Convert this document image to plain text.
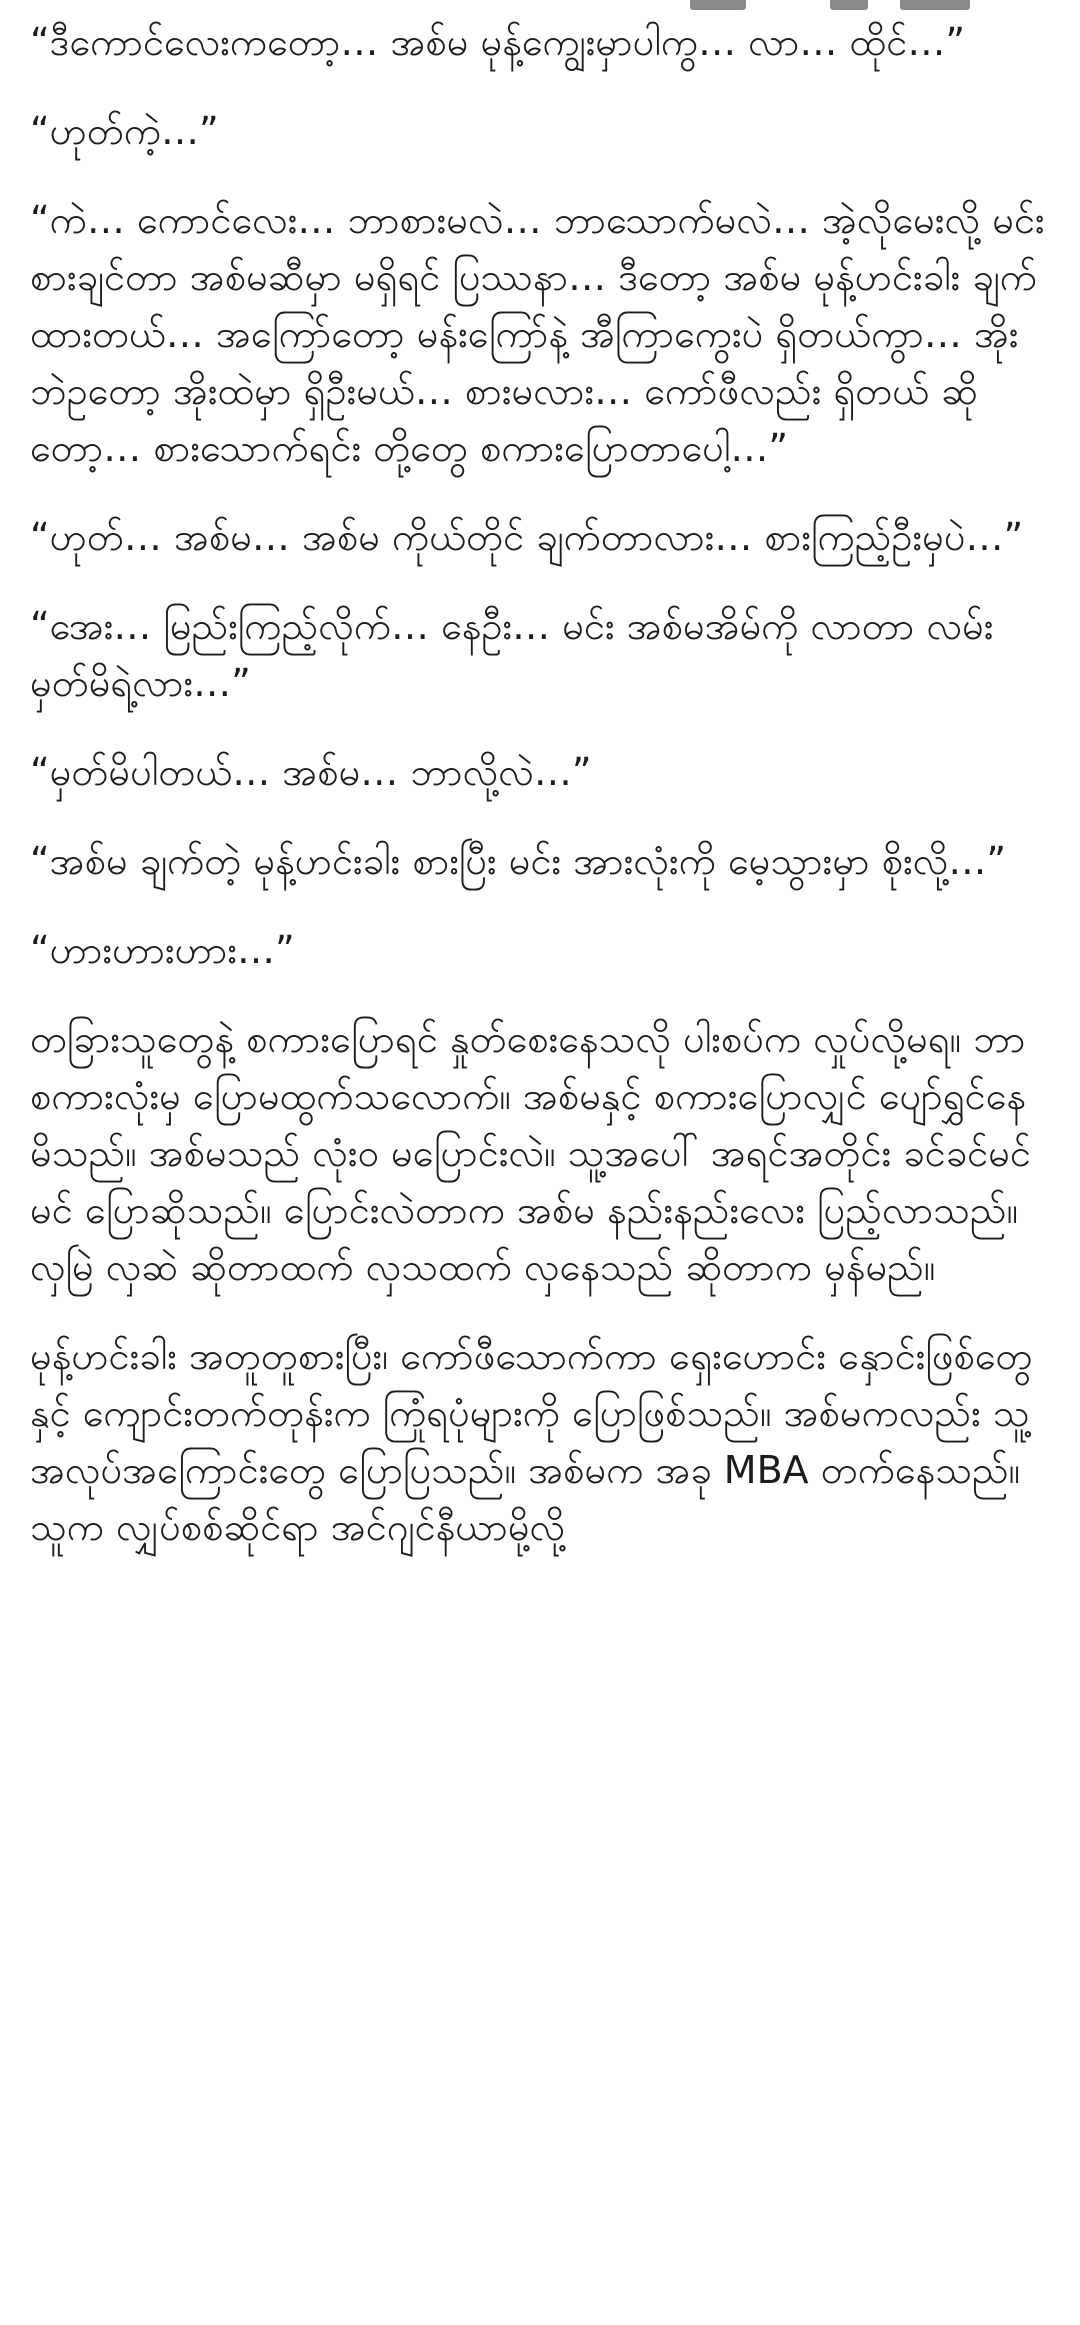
“ဒီကောင်လေးကတော့… အစ်မ မုန့်ကျွေးမှာပါကွ… လာ… ထိုင်…”

“ဟုတ်ကဲ့…”

“ကဲ… ကောင်လေး… ဘာစားမလဲ… ဘာသောက်မလဲ… အဲ့လိုမေးလို့ မင်းစားချင်တာ အစ်မဆီမှာ မရှိရင် ပြဿနာ… ဒီတော့ အစ်မ မုန့်ဟင်းခါး ချက်ထားတယ်… အကြော်တော့ မန်းကြော်နဲ့ အီကြာကွေးပဲ ရှိတယ်ကွာ… အိုးဘဲဥတော့ အိုးထဲမှာ ရှိဦးမယ်… စားမလား… ကော်ဖီလည်း ရှိတယ် ဆိုတော့… စားသောက်ရင်း တို့တွေ စကားပြောတာပေါ့…”

“ဟုတ်… အစ်မ… အစ်မ ကိုယ်တိုင် ချက်တာလား… စားကြည့်ဦးမှပဲ…”

“အေး… မြည်းကြည့်လိုက်… နေဦး… မင်း အစ်မအိမ်ကို လာတာ လမ်းမှတ်မိရဲ့လား…”

“မှတ်မိပါတယ်… အစ်မ… ဘာလို့လဲ…”

“အစ်မ ချက်တဲ့ မုန့်ဟင်းခါး စားပြီး မင်း အားလုံးကို မေ့သွားမှာ စိုးလို့…”

“ဟားဟားဟား…”

တခြားသူတွေနဲ့ စကားပြောရင် နှုတ်စေးနေသလို ပါးစပ်က လှုပ်လို့မရ။ ဘာစကားလုံးမှ ပြောမထွက်သလောက်။ အစ်မနှင့် စကားပြောလျှင် ပျော်ရွှင်နေမိသည်။ အစ်မသည် လုံးဝ မပြောင်းလဲ။ သူ့အပေါ် အရင်အတိုင်း ခင်ခင်မင်မင် ပြောဆိုသည်။ ပြောင်းလဲတာက အစ်မ နည်းနည်းလေး ပြည့်လာသည်။ လှမြဲ လှဆဲ ဆိုတာထက် လှသထက် လှနေသည် ဆိုတာက မှန်မည်။

မုန့်ဟင်းခါး အတူတူစားပြီး၊ ကော်ဖီသောက်ကာ ရှေးဟောင်း နှောင်းဖြစ်တွေနှင့် ကျောင်းတက်တုန်းက ကြုံရပုံများကို ပြောဖြစ်သည်။ အစ်မကလည်း သူ့အလုပ်အကြောင်းတွေ ပြောပြသည်။ အစ်မက အခု MBA တက်နေသည်။ သူက လျှပ်စစ်ဆိုင်ရာ အင်ဂျင်နီယာမို့လို့
